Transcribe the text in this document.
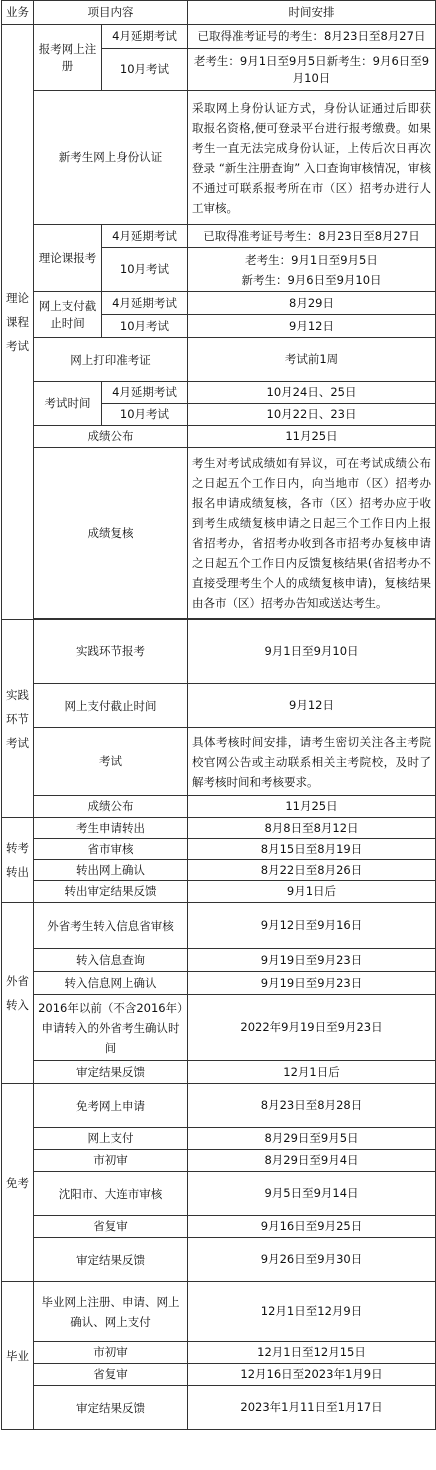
业务	项目内容		时间安排
理论课程考试	报考网上注册	4月延期考试	已取得准考证号的考生：8月23日至8月27日
		10月考试	老考生：9月1日至9月5日新考生：9月6日至9月10日
	新考生网上身份认证		采取网上身份认证方式，身份认证通过后即获取报名资格,便可登录平台进行报考缴费。如果考生一直无法完成身份认证，上传后次日再次登录 “新生注册查询” 入口查询审核情况，审核不通过可联系报考所在市（区）招考办进行人工审核。
	理论课报考	4月延期考试	已取得准考证号考生：8月23日至8月27日
		10月考试	老考生：9月1日至9月5日
新考生：9月6日至9月10日

	网上支付截止时间	4月延期考试	8月29日
		10月考试	9月12日
	网上打印准考证		考试前1周
	考试时间	4月延期考试	10月24日、25日
		10月考试	10月22日、23日
	成绩公布		11月25日
	成绩复核		考生对考试成绩如有异议，可在考试成绩公布之日起五个工作日内，向当地市（区）招考办报名申请成绩复核，各市（区）招考办应于收到考生成绩复核申请之日起三个工作日内上报省招考办，省招考办收到各市招考办复核申请之日起五个工作日内反馈复核结果(省招考办不直接受理考生个人的成绩复核申请)，复核结果由各市（区）招考办告知或送达考生。

实践环节考试	实践环节报考		9月1日至9月10日
	网上支付截止时间		9月12日
	考试		具体考核时间安排，请考生密切关注各主考院校官网公告或主动联系相关主考院校，及时了解考核时间和考核要求。
	成绩公布		11月25日
转考转出	考生申请转出		8月8日至8月12日
	省市审核		8月15日至8月19日
	转出网上确认		8月22日至8月26日
	转出审定结果反馈		9月1日后
外省转入	外省考生转入信息省审核		9月12日至9月16日
	转入信息查询		9月19日至9月23日
	转入信息网上确认		9月19日至9月23日
	2016年以前（不含2016年）申请转入的外省考生确认时间		2022年9月19日至9月23日
	审定结果反馈		12月1日后
免考	免考网上申请		8月23日至8月28日
	网上支付		8月29日至9月5日
	市初审		8月29日至9月4日
	沈阳市、大连市审核		9月5日至9月14日
	省复审		9月16日至9月25日
	审定结果反馈		9月26日至9月30日
毕业	毕业网上注册、申请、网上确认、网上支付		12月1日至12月9日
	市初审		12月1日至12月15日
	省复审		12月16日至2023年1月9日
	审定结果反馈		2023年1月11日至1月17日
